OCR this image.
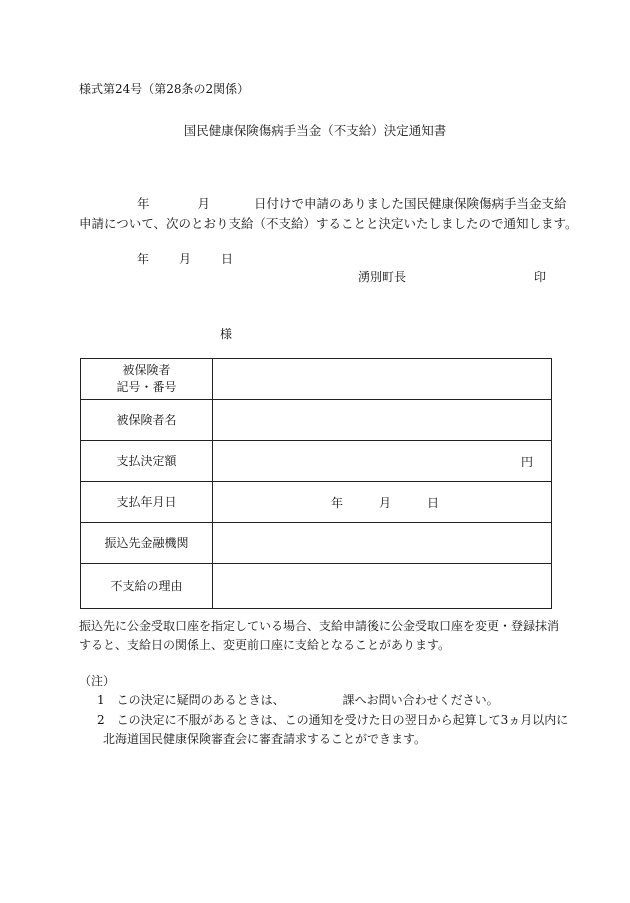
様式第24号（第28条の2関係）
国民健康保険傷病手当金（不支給）決定通知書
年	月	日付けで申請のありました国民健康保険傷病手当金支給
申請について、次のとおり支給（不支給）することと決定いたしましたので通知します。
年	月	日
湧別町長	印
様
被保険者
記号・番号	

被保険者名	
支払決定額	円

支払年月日	年 月 日

振込先金融機関	
不支給の理由	
振込先に公金受取口座を指定している場合、支給申請後に公金受取口座を変更・登録抹消
すると、支給日の関係上、変更前口座に支給となることがあります。
（注）
1　この決定に疑問のあるときは、	課へお問い合わせください。
2　この決定に不服があるときは、この通知を受けた日の翌日から起算して3ヵ月以内に
北海道国民健康保険審査会に審査請求することができます。
